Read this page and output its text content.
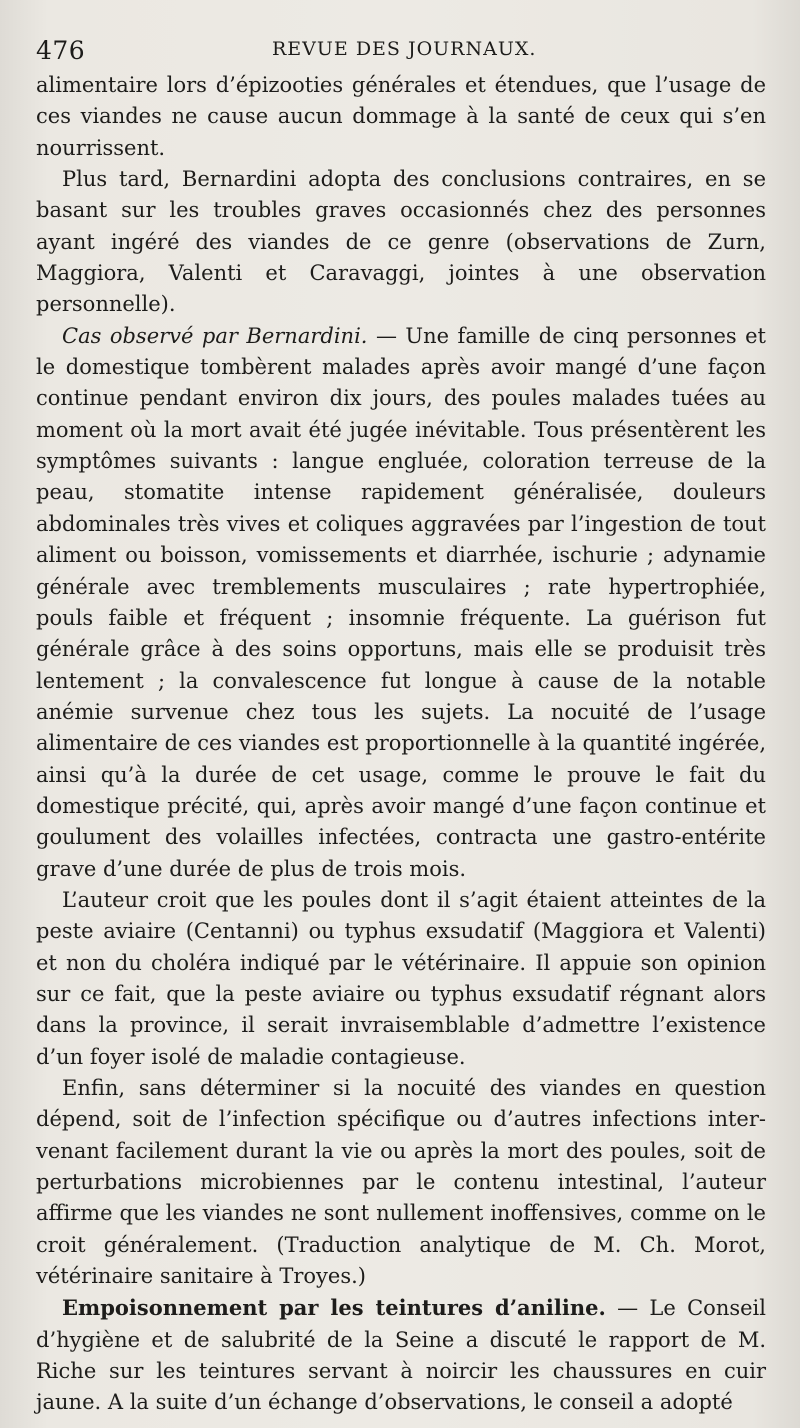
476	REVUE DES JOURNAUX.

alimentaire lors d’épizooties générales et étendues, que l’usage de ces viandes ne cause aucun dommage à la santé de ceux qui s’en nourrissent.

Plus tard, Bernardini adopta des conclusions contraires, en se basant sur les troubles graves occasionnés chez des personnes ayant ingéré des viandes de ce genre (observations de Zurn, Maggiora, Valenti et Caravaggi, jointes à une observation personnelle).

Cas observé par Bernardini. — Une famille de cinq personnes et le domestique tombèrent malades après avoir mangé d’une façon continue pendant environ dix jours, des poules malades tuées au moment où la mort avait été jugée inévitable. Tous présentèrent les symptômes suivants : langue engluée, coloration terreuse de la peau, stomatite intense rapidement généralisée, douleurs abdominales très vives et coliques aggravées par l’ingestion de tout aliment ou boisson, vomissements et diarrhée, ischurie ; adynamie générale avec tremblements musculaires ; rate hypertrophiée, pouls faible et fréquent ; insomnie fréquente. La guérison fut générale grâce à des soins opportuns, mais elle se produisit très lentement ; la convalescence fut longue à cause de la notable anémie survenue chez tous les sujets. La nocuité de l’usage alimentaire de ces viandes est proportionnelle à la quantité ingérée, ainsi qu’à la durée de cet usage, comme le prouve le fait du domestique précité, qui, après avoir mangé d’une façon continue et goulument des volailles infectées, contracta une gastro-entérite grave d’une durée de plus de trois mois.

L’auteur croit que les poules dont il s’agit étaient atteintes de la peste aviaire (Centanni) ou typhus exsudatif (Maggiora et Valenti) et non du choléra indiqué par le vétérinaire. Il appuie son opinion sur ce fait, que la peste aviaire ou typhus exsudatif régnant alors dans la province, il serait invraisemblable d’admettre l’existence d’un foyer isolé de maladie contagieuse.

Enfin, sans déterminer si la nocuité des viandes en question dépend, soit de l’infection spécifique ou d’autres infections intervenant facilement durant la vie ou après la mort des poules, soit de perturbations microbiennes par le contenu intestinal, l’auteur affirme que les viandes ne sont nullement inoffensives, comme on le croit généralement. (Traduction analytique de M. Ch. Morot, vétérinaire sanitaire à Troyes.)

Empoisonnement par les teintures d’aniline. — Le Conseil d’hygiène et de salubrité de la Seine a discuté le rapport de M. Riche sur les teintures servant à noircir les chaussures en cuir jaune. A la suite d’un échange d’observations, le conseil a adopté
